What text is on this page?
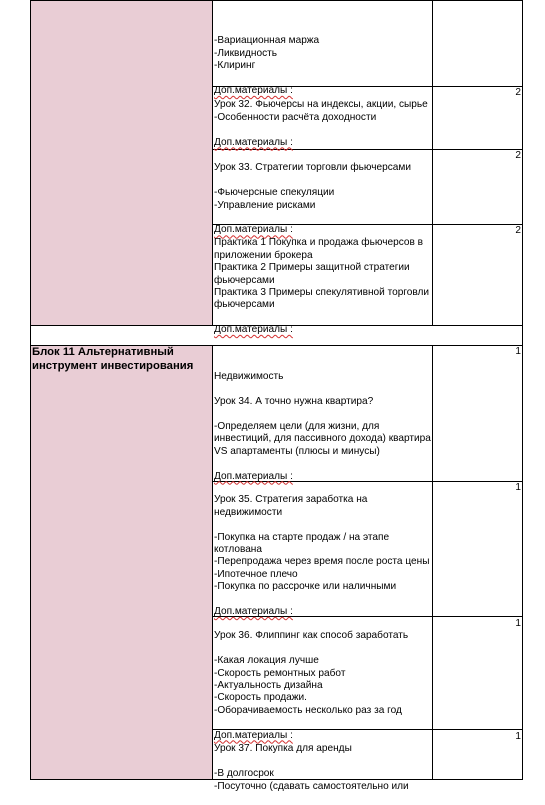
Блок 11 Альтернативный инструмент инвестирования

-Вариационная маржа
-Ликвидность
-Клиринг
Доп.материалы :

Урок 32. Фьючерсы на индексы, акции, сырье
-Особенности расчёта доходности
Доп.материалы :

2

Урок 33. Стратегии торговли фьючерсами
-Фьючерсные спекуляции
-Управление рисками
Доп.материалы :

2

Практика 1 Покупка и продажа фьючерсов в приложении брокера
Практика 2 Примеры защитной стратегии фьючерсами
Практика 3 Примеры спекулятивной торговли фьючерсами
Доп.материалы :

2

Недвижимость
Урок 34. А точно нужна квартира?
-Определяем цели (для жизни, для инвестиций, для пассивного дохода) квартира VS апартаменты (плюсы и минусы)
Доп.материалы :

1

Урок 35. Стратегия заработка на недвижимости
-Покупка на старте продаж / на этапе котлована
-Перепродажа через время после роста цены
-Ипотечное плечо
-Покупка по рассрочке или наличными
Доп.материалы :

1

Урок 36. Флиппинг как способ заработать
-Какая локация лучше
-Скорость ремонтных работ
-Актуальность дизайна
-Скорость продажи.
-Оборачиваемость несколько раз за год
Доп.материалы :

1

Урок 37. Покупка для аренды
-В долгосрок
-Посуточно (сдавать самостоятельно или

1
